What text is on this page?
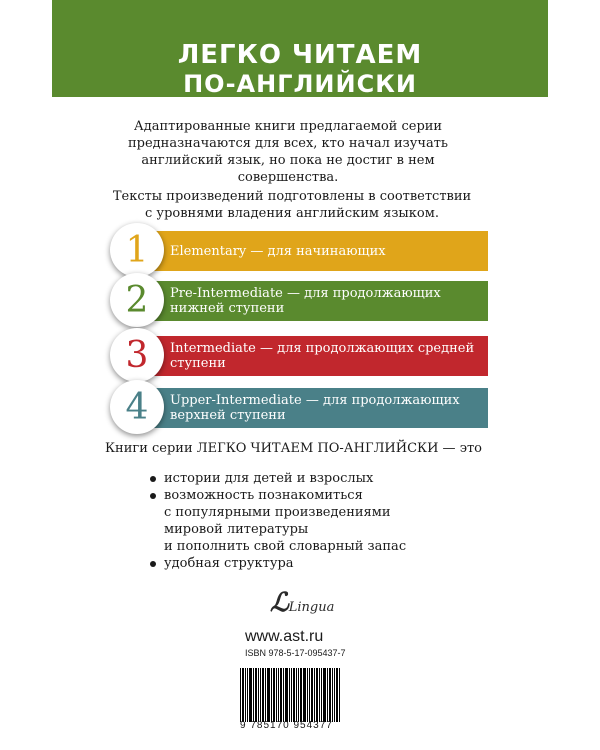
ЛЕГКО ЧИТАЕМ
ПО-АНГЛИЙСКИ
Адаптированные книги предлагаемой серии
предназначаются для всех, кто начал изучать
английский язык, но пока не достиг в нем
совершенства.
Тексты произведений подготовлены в соответствии
с уровнями владения английским языком.
1	Elementary — для начинающих
2	Pre-Intermediate — для продолжающих нижней ступени
3	Intermediate — для продолжающих средней ступени
4	Upper-Intermediate — для продолжающих верхней ступени
Книги серии ЛЕГКО ЧИТАЕМ ПО-АНГЛИЙСКИ — это
истории для детей и взрослых
возможность познакомиться
с популярными произведениями
мировой литературы
и пополнить свой словарный запас
удобная структура
ℒLingua
www.ast.ru
ISBN 978-5-17-095437-7
9 785170 954377
